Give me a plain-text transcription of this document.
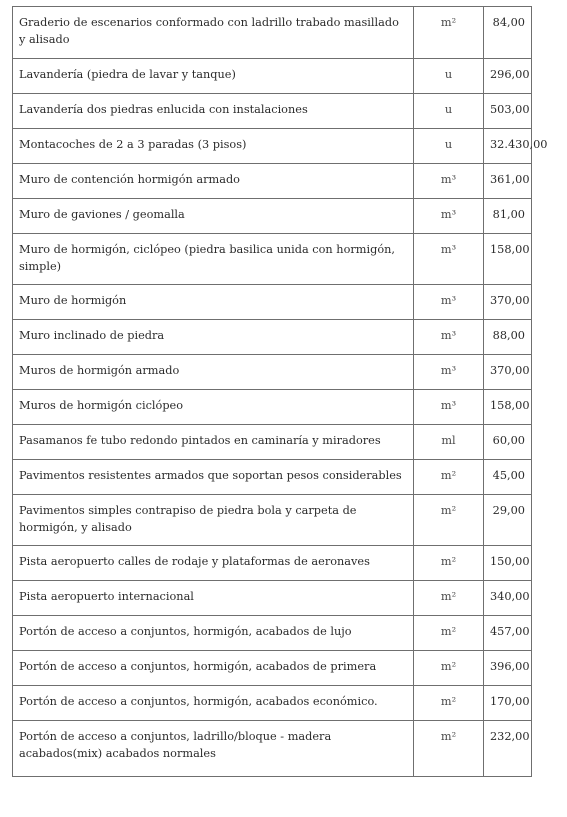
Graderio de escenarios conformado con ladrillo trabado masillado y alisado	m²	84,00
Lavandería (piedra de lavar y tanque)	u	296,00
Lavandería dos piedras enlucida con instalaciones	u	503,00
Montacoches de 2 a 3 paradas (3 pisos)	u	32.430,00
Muro de contención hormigón armado	m³	361,00
Muro de gaviones / geomalla	m³	81,00
Muro de hormigón, ciclópeo (piedra basilica unida con hormigón, simple)	m³	158,00
Muro de hormigón	m³	370,00
Muro inclinado de piedra	m³	88,00
Muros de hormigón armado	m³	370,00
Muros de hormigón ciclópeo	m³	158,00
Pasamanos fe tubo redondo pintados en caminaría y miradores	ml	60,00
Pavimentos resistentes armados que soportan pesos considerables	m²	45,00
Pavimentos simples contrapiso de piedra bola y carpeta de hormigón, y alisado	m²	29,00
Pista aeropuerto calles de rodaje y plataformas de aeronaves	m²	150,00
Pista aeropuerto internacional	m²	340,00
Portón de acceso a conjuntos, hormigón, acabados de lujo	m²	457,00
Portón de acceso a conjuntos, hormigón, acabados de primera	m²	396,00
Portón de acceso a conjuntos, hormigón, acabados económico.	m²	170,00
Portón de acceso a conjuntos, ladrillo/bloque - madera acabados(mix) acabados normales	m²	232,00
